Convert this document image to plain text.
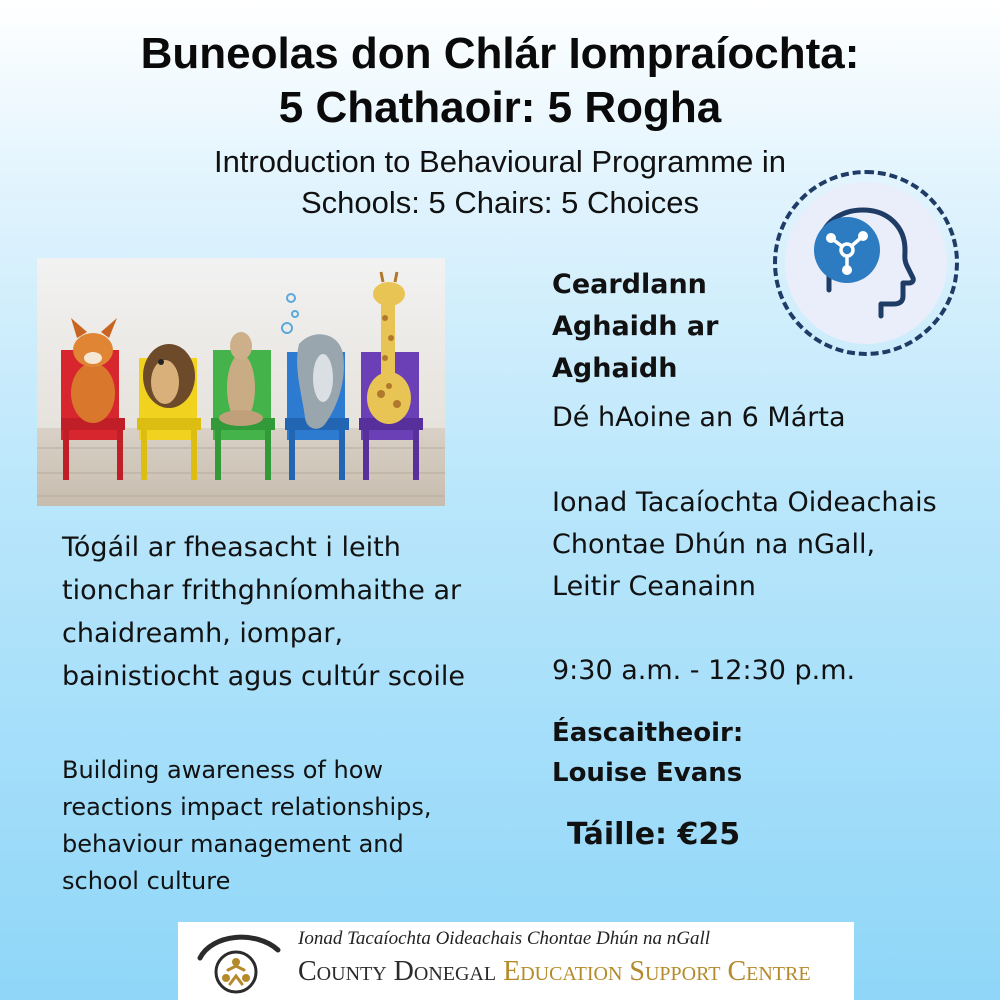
Buneolas don Chlár Iompraíochta:
5 Chathaoir: 5 Rogha
Introduction to Behavioural Programme in
Schools: 5 Chairs: 5 Choices
Tógáil ar fheasacht i leith tionchar frithghníomhaithe ar chaidreamh, iompar, bainistiocht agus cultúr scoile
Building awareness of how reactions impact relationships, behaviour management and school culture
Ceardlann
Aghaidh ar
Aghaidh
Dé hAoine an 6 Márta
Ionad Tacaíochta Oideachais
Chontae Dhún na nGall,
Leitir Ceanainn
9:30 a.m. - 12:30 p.m.
Éascaitheoir:
Louise Evans
Táille: €25
Ionad Tacaíochta Oideachais Chontae Dhún na nGall
County Donegal Education Support Centre
